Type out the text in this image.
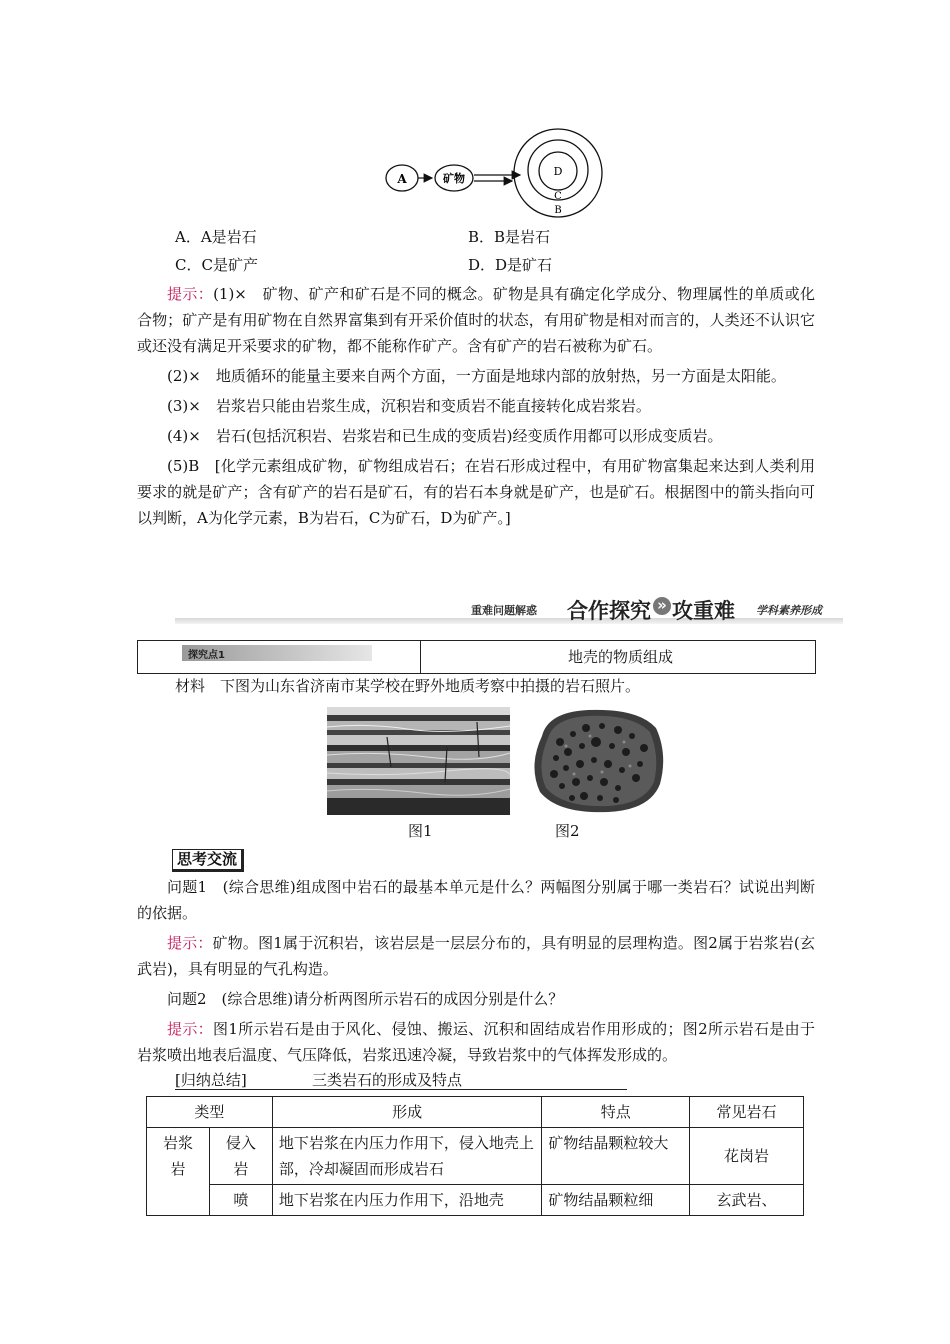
A	矿物
D
C
B
A．A是岩石	B．B是岩石
C．C是矿产	D．D是矿石

提示：(1)×　矿物、矿产和矿石是不同的概念。矿物是具有确定化学成分、物理属性的单质或化合物；矿产是有用矿物在自然界富集到有开采价值时的状态，有用矿物是相对而言的，人类还不认识它或还没有满足开采要求的矿物，都不能称作矿产。含有矿产的岩石被称为矿石。

(2)×　地质循环的能量主要来自两个方面，一方面是地球内部的放射热，另一方面是太阳能。

(3)×　岩浆岩只能由岩浆生成，沉积岩和变质岩不能直接转化成岩浆岩。

(4)×　岩石(包括沉积岩、岩浆岩和已生成的变质岩)经变质作用都可以形成变质岩。

(5)B　[化学元素组成矿物，矿物组成岩石；在岩石形成过程中，有用矿物富集起来达到人类利用要求的就是矿产；含有矿产的岩石是矿石，有的岩石本身就是矿产，也是矿石。根据图中的箭头指向可以判断，A为化学元素，B为岩石，C为矿石，D为矿产。]

重难问题解惑 合作探究 » 攻重难 学科素养形成
探究点1	地壳的物质组成
材料　下图为山东省济南市某学校在野外地质考察中拍摄的岩石照片。
图1	图2
思考交流

问题1　(综合思维)组成图中岩石的最基本单元是什么？两幅图分别属于哪一类岩石？试说出判断的依据。

提示：矿物。图1属于沉积岩，该岩层是一层层分布的，具有明显的层理构造。图2属于岩浆岩(玄武岩)，具有明显的气孔构造。

问题2　(综合思维)请分析两图所示岩石的成因分别是什么？

提示：图1所示岩石是由于风化、侵蚀、搬运、沉积和固结成岩作用形成的；图2所示岩石是由于岩浆喷出地表后温度、气压降低，岩浆迅速冷凝，导致岩浆中的气体挥发形成的。

[归纳总结]	三类岩石的形成及特点
类型		形成	特点	常见岩石
岩浆岩	侵入岩	地下岩浆在内压力作用下，侵入地壳上部，冷却凝固而形成岩石	矿物结晶颗粒较大	花岗岩
	喷	地下岩浆在内压力作用下，沿地壳	矿物结晶颗粒细	玄武岩、
